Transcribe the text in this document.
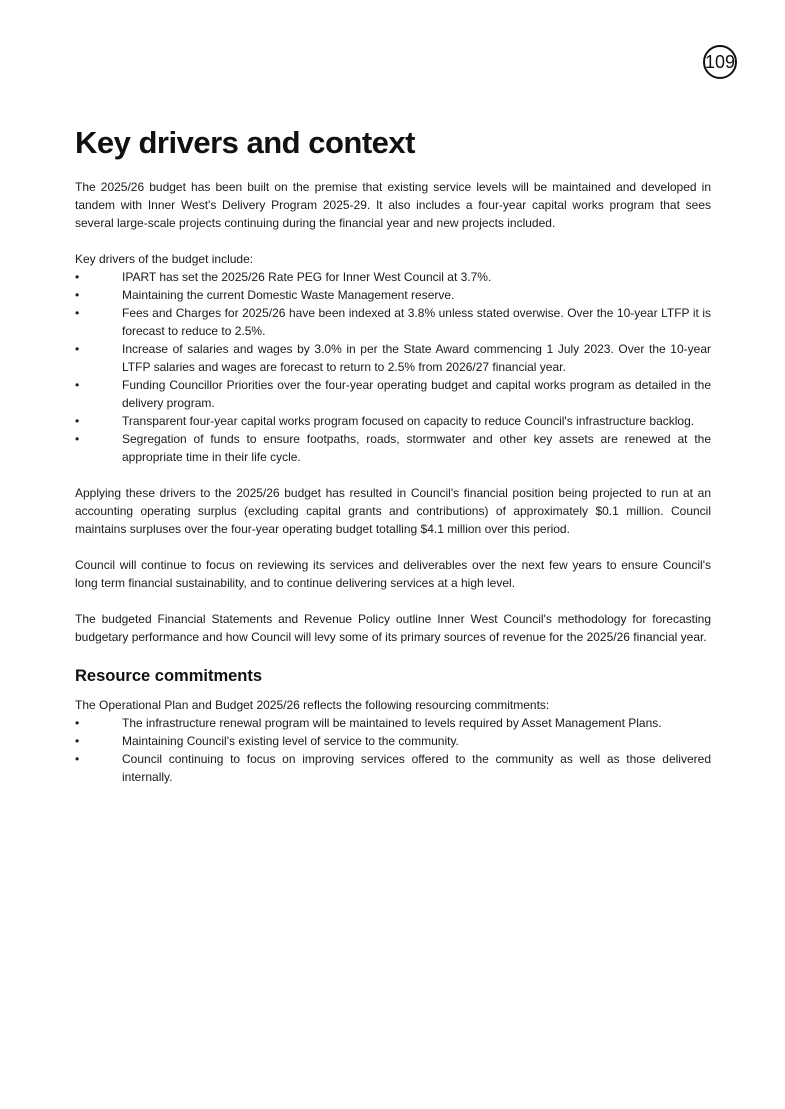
109
Key drivers and context

The 2025/26 budget has been built on the premise that existing service levels will be maintained and developed in tandem with Inner West's Delivery Program 2025-29. It also includes a four-year capital works program that sees several large-scale projects continuing during the financial year and new projects included.

Key drivers of the budget include:

• IPART has set the 2025/26 Rate PEG for Inner West Council at 3.7%.
• Maintaining the current Domestic Waste Management reserve.
• Fees and Charges for 2025/26 have been indexed at 3.8% unless stated overwise. Over the 10-year LTFP it is forecast to reduce to 2.5%.
• Increase of salaries and wages by 3.0% in per the State Award commencing 1 July 2023. Over the 10-year LTFP salaries and wages are forecast to return to 2.5% from 2026/27 financial year.
• Funding Councillor Priorities over the four-year operating budget and capital works program as detailed in the delivery program.
• Transparent four-year capital works program focused on capacity to reduce Council's infrastructure backlog.
• Segregation of funds to ensure footpaths, roads, stormwater and other key assets are renewed at the appropriate time in their life cycle.

Applying these drivers to the 2025/26 budget has resulted in Council's financial position being projected to run at an accounting operating surplus (excluding capital grants and contributions) of approximately $0.1 million. Council maintains surpluses over the four-year operating budget totalling $4.1 million over this period.

Council will continue to focus on reviewing its services and deliverables over the next few years to ensure Council's long term financial sustainability, and to continue delivering services at a high level.

The budgeted Financial Statements and Revenue Policy outline Inner West Council's methodology for forecasting budgetary performance and how Council will levy some of its primary sources of revenue for the 2025/26 financial year.

Resource commitments

The Operational Plan and Budget 2025/26 reflects the following resourcing commitments:

• The infrastructure renewal program will be maintained to levels required by Asset Management Plans.
• Maintaining Council's existing level of service to the community.
• Council continuing to focus on improving services offered to the community as well as those delivered internally.
